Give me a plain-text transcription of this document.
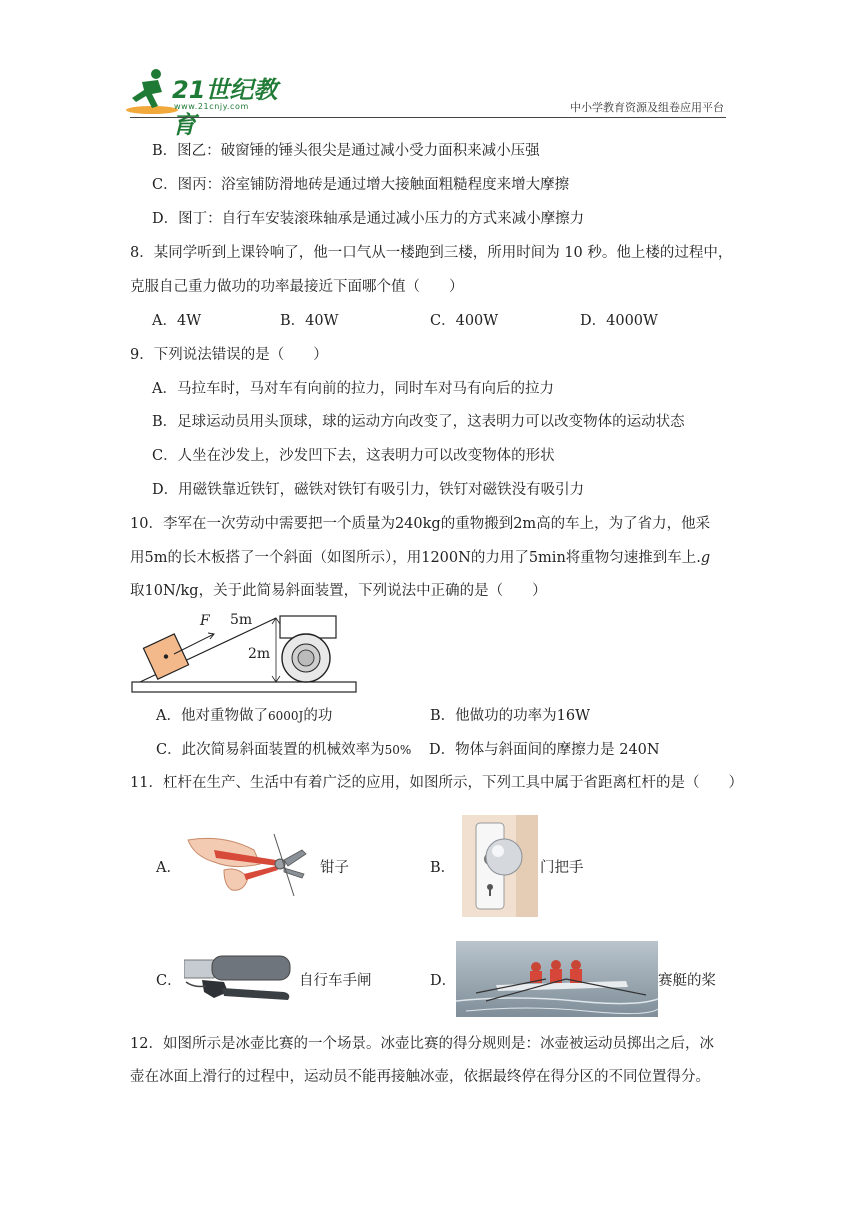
21世纪教育
www.21cnjy.com	中小学教育资源及组卷应用平台
B．图乙：破窗锤的锤头很尖是通过减小受力面积来减小压强
C．图丙：浴室铺防滑地砖是通过增大接触面粗糙程度来增大摩擦
D．图丁：自行车安装滚珠轴承是通过减小压力的方式来减小摩擦力
8．某同学听到上课铃响了，他一口气从一楼跑到三楼，所用时间为 10 秒。他上楼的过程中，
克服自己重力做功的功率最接近下面哪个值（　　）
A．4W	B．40W	C．400W	D．4000W
9．下列说法错误的是（　　）
A．马拉车时，马对车有向前的拉力，同时车对马有向后的拉力
B．足球运动员用头顶球，球的运动方向改变了，这表明力可以改变物体的运动状态
C．人坐在沙发上，沙发凹下去，这表明力可以改变物体的形状
D．用磁铁靠近铁钉，磁铁对铁钉有吸引力，铁钉对磁铁没有吸引力
10．李军在一次劳动中需要把一个质量为240kg的重物搬到2m高的车上，为了省力，他采
用5m的长木板搭了一个斜面（如图所示），用1200N的力用了5min将重物匀速推到车上.g
取10N/kg，关于此简易斜面装置，下列说法中正确的是（　　）
F 5m
2m
A．他对重物做了6000J的功	B．他做功的功率为16W
C．此次简易斜面装置的机械效率为50% D．物体与斜面间的摩擦力是 240N
11．杠杆在生产、生活中有着广泛的应用，如图所示，下列工具中属于省距离杠杆的是（　　）
A．	钳子	B．	门把手
C．	自行车手闸	D．	赛艇的桨
12．如图所示是冰壶比赛的一个场景。冰壶比赛的得分规则是：冰壶被运动员掷出之后，冰
壶在冰面上滑行的过程中，运动员不能再接触冰壶，依据最终停在得分区的不同位置得分。
